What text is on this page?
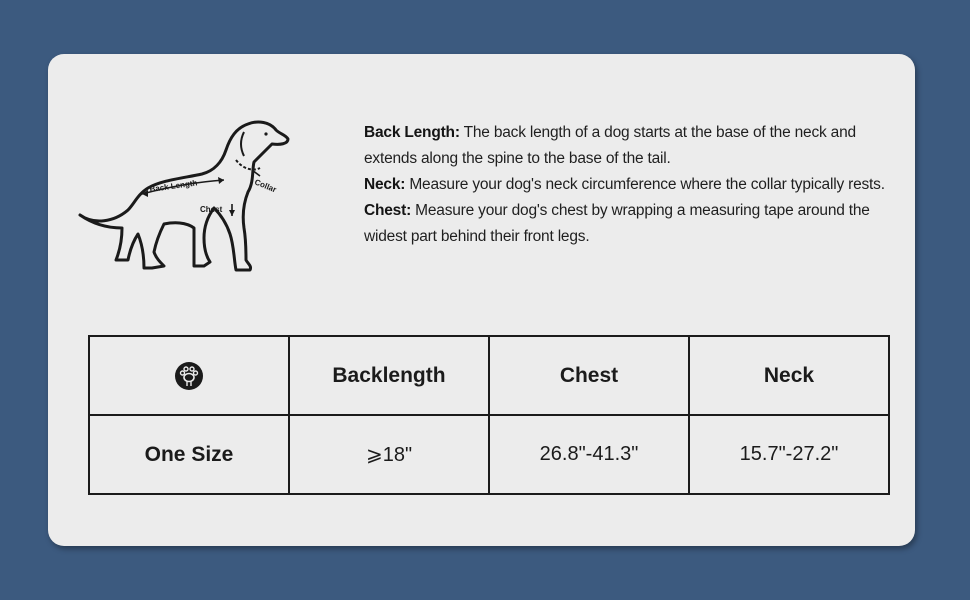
Back Length	Collar
Chest

Back Length: The back length of a dog starts at the base of the neck and extends along the spine to the base of the tail.

Neck: Measure your dog's neck circumference where the collar typically rests.

Chest: Measure your dog's chest by wrapping a measuring tape around the widest part behind their front legs.

	Backlength	Chest	Neck
One Size	⩾18"	26.8"-41.3"	15.7"-27.2"
